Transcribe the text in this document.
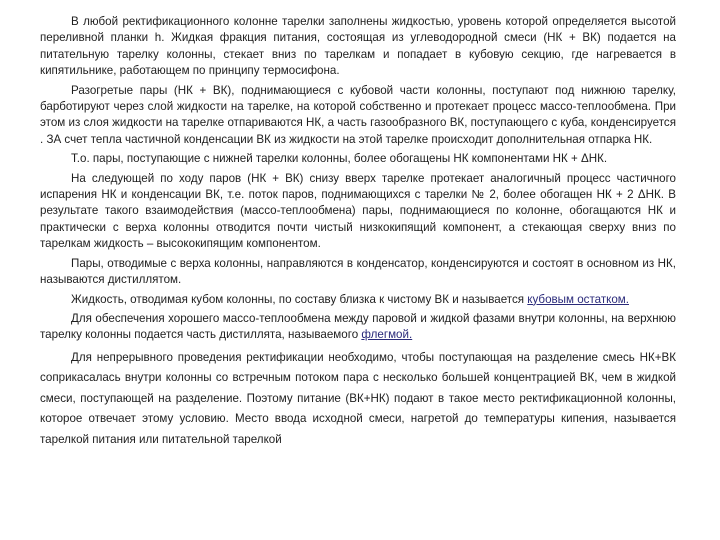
В любой ректификационного колонне тарелки заполнены жидкостью, уровень которой определяется высотой переливной планки h. Жидкая фракция питания, состоящая из углеводородной смеси (НК + ВК) подается на питательную тарелку колонны, стекает вниз по тарелкам и попадает в кубовую секцию, где нагревается в кипятильнике, работающем по принципу термосифона.

Разогретые пары (НК + ВК), поднимающиеся с кубовой части колонны, поступают под нижнюю тарелку, барботируют через слой жидкости на тарелке, на которой собственно и протекает процесс массо-теплообмена. При этом из слоя жидкости на тарелке отпариваются НК, а часть газообразного ВК, поступающего с куба, конденсируется . ЗА счет тепла частичной конденсации ВК из жидкости на этой тарелке происходит дополнительная отпарка НК.

Т.о. пары, поступающие с нижней тарелки колонны, более обогащены НК компонентами НК + ΔНК.

На следующей по ходу паров (НК + ВК) снизу вверх тарелке протекает аналогичный процесс частичного испарения НК и конденсации ВК, т.е. поток паров, поднимающихся с тарелки № 2, более обогащен НК + 2 ΔНК. В результате такого взаимодействия (массо-теплообмена) пары, поднимающиеся по колонне, обогащаются НК и практически с верха колонны отводится почти чистый низкокипящий компонент, а стекающая сверху вниз по тарелкам жидкость – высококипящим компонентом.

Пары, отводимые с верха колонны, направляются в конденсатор, конденсируются и состоят в основном из НК, называются дистиллятом.

Жидкость, отводимая кубом колонны, по составу близка к чистому ВК и называется кубовым остатком.

Для обеспечения хорошего массо-теплообмена между паровой и жидкой фазами внутри колонны, на верхнюю тарелку колонны подается часть дистиллята, называемого флегмой.

Для непрерывного проведения ректификации необходимо, чтобы поступающая на разделение смесь НК+ВК соприкасалась внутри колонны со встречным потоком пара с несколько большей концентрацией ВК, чем в жидкой смеси, поступающей на разделение. Поэтому питание (ВК+НК) подают в такое место ректификационной колонны, которое отвечает этому условию. Место ввода исходной смеси, нагретой до температуры кипения, называется тарелкой питания или питательной тарелкой
